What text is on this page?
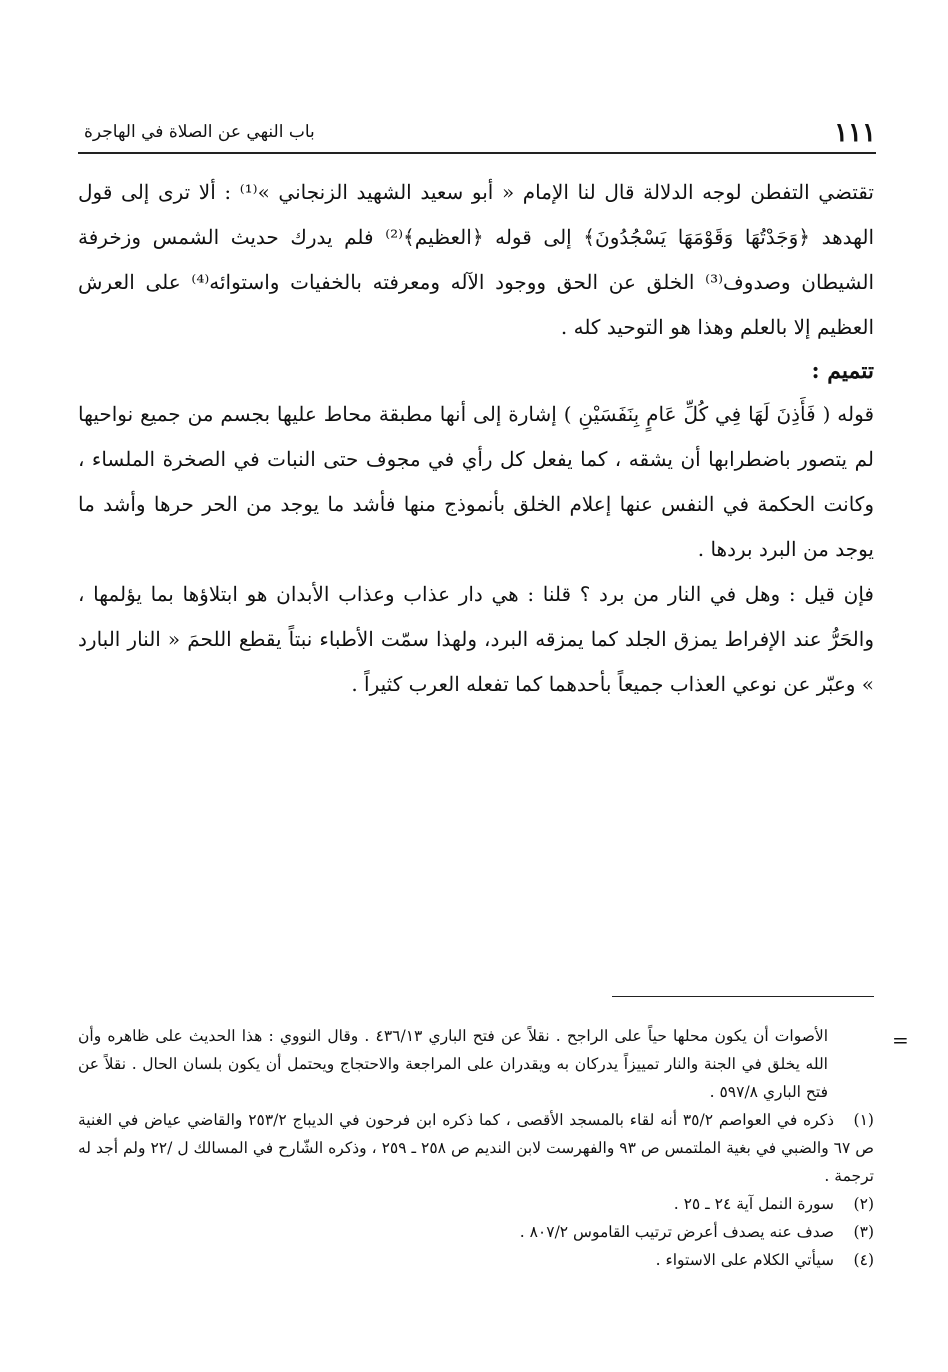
١١١
باب النهي عن الصلاة في الهاجرة

تقتضي التفطن لوجه الدلالة قال لنا الإمام « أبو سعيد الشهيد الزنجاني »⁽¹⁾ : ألا ترى إلى قول الهدهد ﴿وَجَدْتُهَا وَقَوْمَهَا يَسْجُدُونَ﴾ إلى قوله ﴿العظيم﴾⁽²⁾ فلم يدرك حديث الشمس وزخرفة الشيطان وصدوف⁽³⁾ الخلق عن الحق ووجود الآله ومعرفته بالخفيات واستوائه⁽⁴⁾ على العرش العظيم إلا بالعلم وهذا هو التوحيد كله .

تتميم :

قوله ( فَأَذِنَ لَهَا فِي كُلِّ عَامٍ بِنَفَسَيْنِ ) إشارة إلى أنها مطبقة محاط عليها بجسم من جميع نواحيها لم يتصور باضطرابها أن يشقه ، كما يفعل كل رأي في مجوف حتى النبات في الصخرة الملساء ، وكانت الحكمة في النفس عنها إعلام الخلق بأنموذج منها فأشد ما يوجد من الحر حرها وأشد ما يوجد من البرد بردها .

فإن قيل : وهل في النار من برد ؟ قلنا : هي دار عذاب وعذاب الأبدان هو ابتلاؤها بما يؤلمها ، والحَرُّ عند الإفراط يمزق الجلد كما يمزقه البرد، ولهذا سمّت الأطباء نبتاً يقطع اللحمَ « النار البارد » وعبّر عن نوعي العذاب جميعاً بأحدهما كما تفعله العرب كثيراً .

=

الأصوات أن يكون محلها حياً على الراجح . نقلاً عن فتح الباري ٤٣٦/١٣ . وقال النووي : هذا الحديث على ظاهره وأن الله يخلق في الجنة والنار تمييزاً يدركان به ويقدران على المراجعة والاحتجاج ويحتمل أن يكون بلسان الحال . نقلاً عن فتح الباري ٥٩٧/٨ .

(١)ذكره في العواصم ٣٥/٢ أنه لقاء بالمسجد الأقصى ، كما ذكره ابن فرحون في الديباج ٢٥٣/٢ والقاضي عياض في الغنية ص ٦٧ والضبي في بغية الملتمس ص ٩٣ والفهرست لابن النديم ص ٢٥٨ ـ ٢٥٩ ، وذكره الشّارح في المسالك ل /٢٢ ولم أجد له ترجمة .

(٢)سورة النمل آية ٢٤ ـ ٢٥ .

(٣)صدف عنه يصدف أعرض ترتيب القاموس ٨٠٧/٢ .

(٤)سيأتي الكلام على الاستواء .
